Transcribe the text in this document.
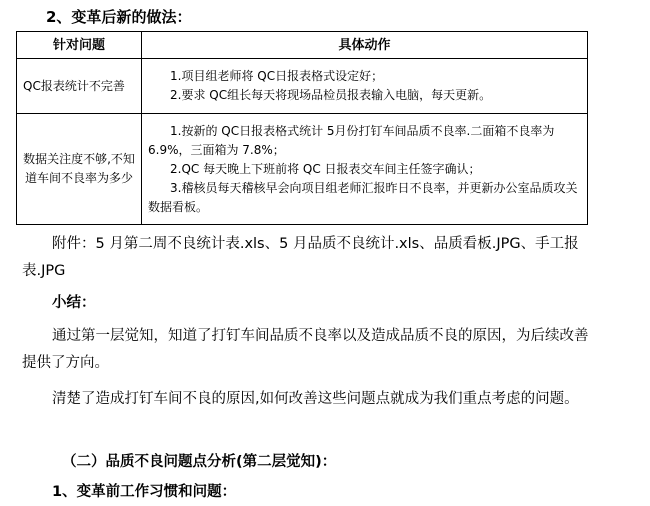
2、变革后新的做法：
针对问题	具体动作
QC报表统计不完善	1.项目组老师将 QC日报表格式设定好；
2.要求 QC组长每天将现场品检员报表输入电脑，每天更新。

数据关注度不够,不知道车间不良率为多少	1.按新的 QC日报表格式统计 5月份打钉车间品质不良率.二面箱不良率为 6.9%，三面箱为 7.8%；
2.QC 每天晚上下班前将 QC 日报表交车间主任签字确认；
3.稽核员每天稽核早会向项目组老师汇报昨日不良率，并更新办公室品质攻关数据看板。
附件：5 月第二周不良统计表.xls、5 月品质不良统计.xls、品质看板.JPG、手工报表.JPG
小结：
通过第一层觉知，知道了打钉车间品质不良率以及造成品质不良的原因，为后续改善提供了方向。
清楚了造成打钉车间不良的原因,如何改善这些问题点就成为我们重点考虑的问题。
（二）品质不良问题点分析(第二层觉知)：
1、变革前工作习惯和问题：
